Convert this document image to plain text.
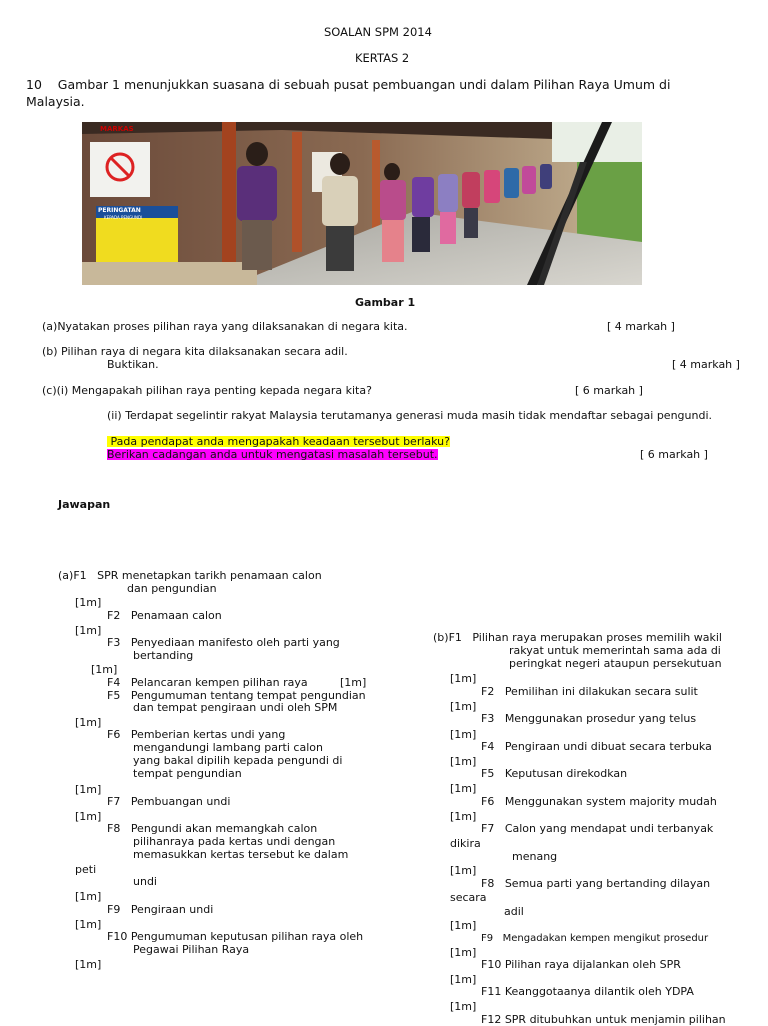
SOALAN SPM 2014
KERTAS 2
10    Gambar 1 menunjukkan suasana di sebuah pusat pembuangan undi dalam Pilihan Raya Umum di
Malaysia.
MARKAS
PERINGATAN
KEPADA PENGUNDI
Gambar 1
(a)Nyatakan proses pilihan raya yang dilaksanakan di negara kita.	[ 4 markah ]
(b) Pilihan raya di negara kita dilaksanakan secara adil.
Buktikan.	[ 4 markah ]
(c)(i) Mengapakah pilihan raya penting kepada negara kita?	[ 6 markah ]
(ii) Terdapat segelintir rakyat Malaysia terutamanya generasi muda masih tidak mendaftar sebagai pengundi.
Pada pendapat anda mengapakah keadaan tersebut berlaku?
Berikan cadangan anda untuk mengatasi masalah tersebut.	[ 6 markah ]
Jawapan
(a)F1   SPR menetapkan tarikh penamaan calon
dan pengundian
[1m]
F2   Penamaan calon
[1m]
F3   Penyediaan manifesto oleh parti yang
bertanding
[1m]
F4   Pelancaran kempen pilihan raya	[1m]
F5   Pengumuman tentang tempat pengundian
dan tempat pengiraan undi oleh SPM
[1m]
F6   Pemberian kertas undi yang
mengandungi lambang parti calon
yang bakal dipilih kepada pengundi di
tempat pengundian
[1m]
F7   Pembuangan undi
[1m]
F8   Pengundi akan memangkah calon
pilihanraya pada kertas undi dengan
memasukkan kertas tersebut ke dalam
peti
undi
[1m]
F9   Pengiraan undi
[1m]
F10 Pengumuman keputusan pilihan raya oleh
Pegawai Pilihan Raya
[1m]
(b)F1   Pilihan raya merupakan proses memilih wakil
rakyat untuk memerintah sama ada di
peringkat negeri ataupun persekutuan
[1m]
F2   Pemilihan ini dilakukan secara sulit
[1m]
F3   Menggunakan prosedur yang telus
[1m]
F4   Pengiraan undi dibuat secara terbuka
[1m]
F5   Keputusan direkodkan
[1m]
F6   Menggunakan system majority mudah
[1m]
F7   Calon yang mendapat undi terbanyak
dikira
menang
[1m]
F8   Semua parti yang bertanding dilayan
secara
adil
[1m]
F9   Mengadakan kempen mengikut prosedur
[1m]
F10 Pilihan raya dijalankan oleh SPR
[1m]
F11 Keanggotaanya dilantik oleh YDPA
[1m]
F12 SPR ditubuhkan untuk menjamin pilihan
